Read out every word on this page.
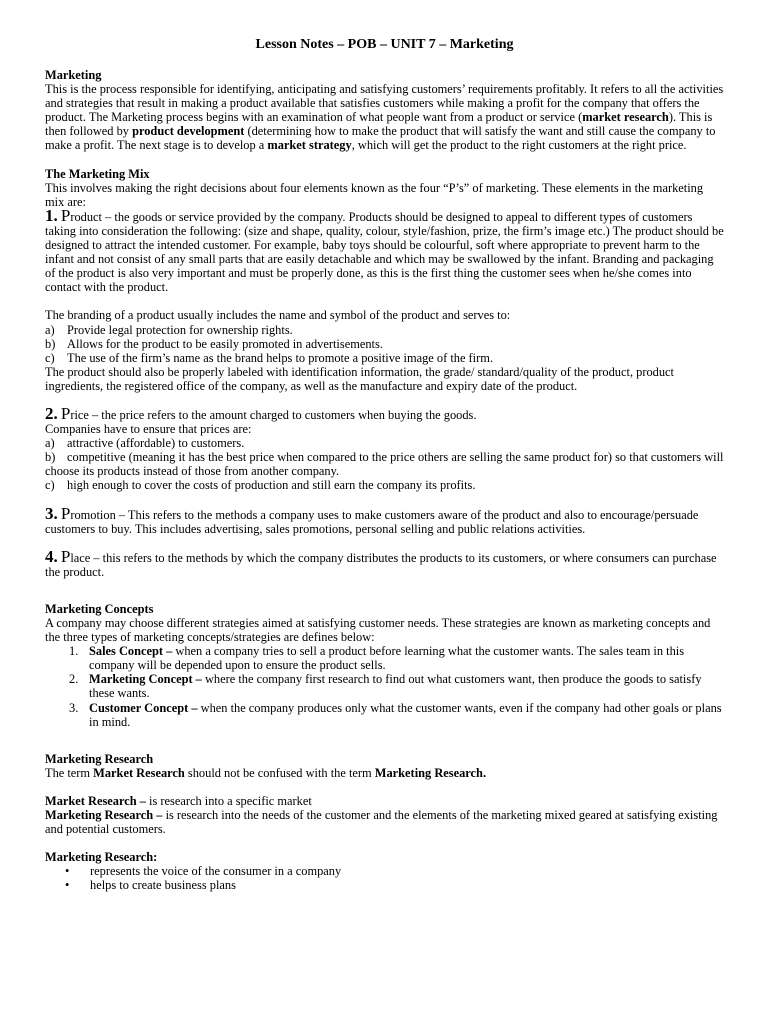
Lesson Notes – POB – UNIT 7 – Marketing
Marketing

This is the process responsible for identifying, anticipating and satisfying customers’ requirements profitably. It refers to all the activities and strategies that result in making a product available that satisfies customers while making a profit for the company that offers the product. The Marketing process begins with an examination of what people want from a product or service (market research). This is then followed by product development (determining how to make the product that will satisfy the want and still cause the company to make a profit. The next stage is to develop a market strategy, which will get the product to the right customers at the right price.

The Marketing Mix

This involves making the right decisions about four elements known as the four “P’s” of marketing. These elements in the marketing mix are:

1. Product – the goods or service provided by the company. Products should be designed to appeal to different types of customers taking into consideration the following: (size and shape, quality, colour, style/fashion, prize, the firm’s image etc.) The product should be designed to attract the intended customer. For example, baby toys should be colourful, soft where appropriate to prevent harm to the infant and not consist of any small parts that are easily detachable and which may be swallowed by the infant. Branding and packaging of the product is also very important and must be properly done, as this is the first thing the customer sees when he/she comes into contact with the product.

The branding of a product usually includes the name and symbol of the product and serves to:

a) Provide legal protection for ownership rights.
b) Allows for the product to be easily promoted in advertisements.
c) The use of the firm’s name as the brand helps to promote a positive image of the firm.

The product should also be properly labeled with identification information, the grade/ standard/quality of the product, product ingredients, the registered office of the company, as well as the manufacture and expiry date of the product.

2. Price – the price refers to the amount charged to customers when buying the goods.

Companies have to ensure that prices are:

a) attractive (affordable) to customers.

b) competitive (meaning it has the best price when compared to the price others are selling the same product for) so that customers will choose its products instead of those from another company.

c) high enough to cover the costs of production and still earn the company its profits.

3. Promotion – This refers to the methods a company uses to make customers aware of the product and also to encourage/persuade customers to buy. This includes advertising, sales promotions, personal selling and public relations activities.

4. Place – this refers to the methods by which the company distributes the products to its customers, or where consumers can purchase the product.

Marketing Concepts

A company may choose different strategies aimed at satisfying customer needs. These strategies are known as marketing concepts and the three types of marketing concepts/strategies are defines below:

1. Sales Concept – when a company tries to sell a product before learning what the customer wants. The sales team in this company will be depended upon to ensure the product sells.
2. Marketing Concept – where the company first research to find out what customers want, then produce the goods to satisfy these wants.
3. Customer Concept – when the company produces only what the customer wants, even if the company had other goals or plans in mind.
Marketing Research

The term Market Research should not be confused with the term Marketing Research.

Market Research – is research into a specific market

Marketing Research – is research into the needs of the customer and the elements of the marketing mixed geared at satisfying existing and potential customers.

Marketing Research:
•	represents the voice of the consumer in a company
•	helps to create business plans
